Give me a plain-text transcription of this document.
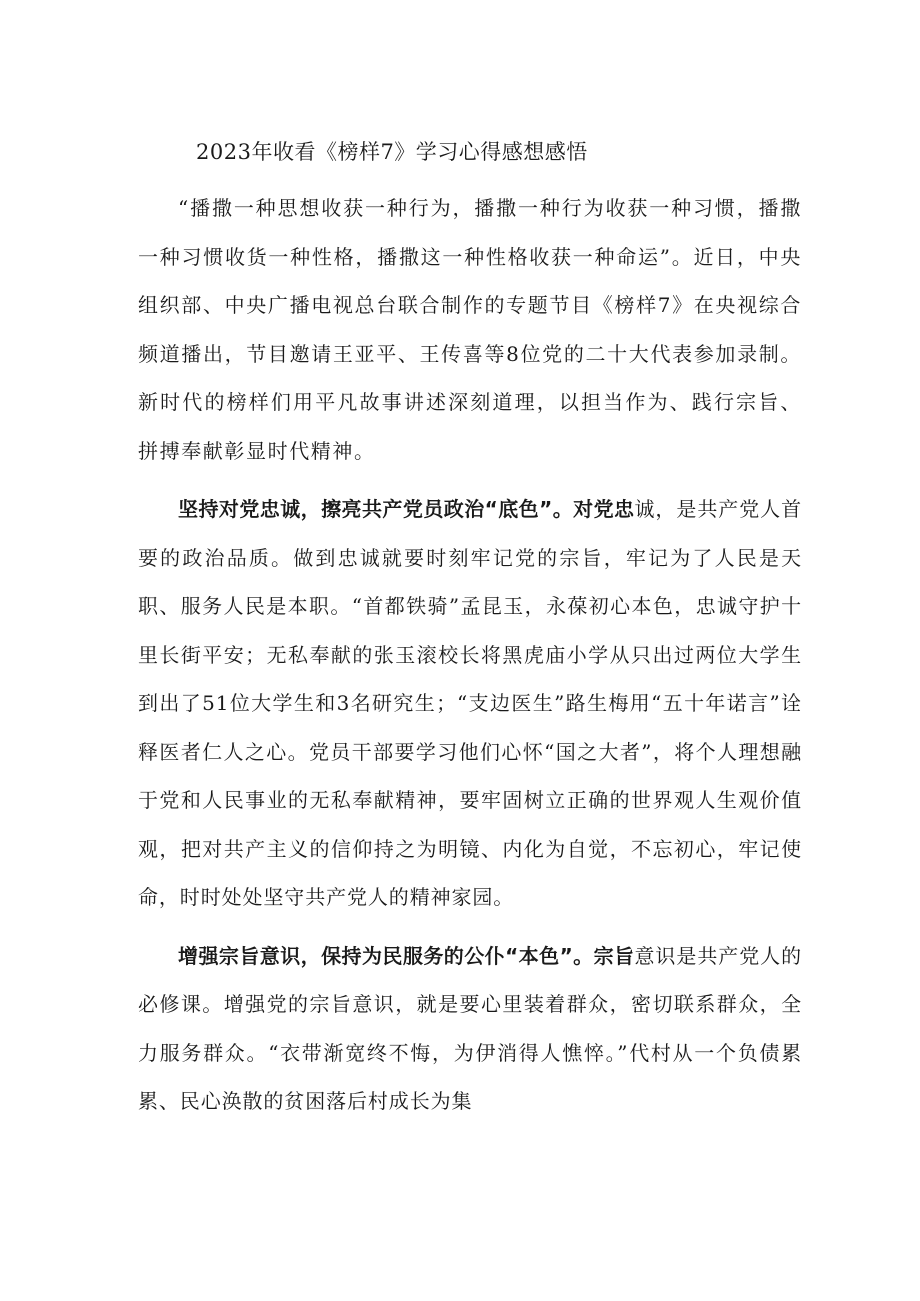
2023年收看《榜样7》学习心得感想感悟

“播撒一种思想收获一种行为，播撒一种行为收获一种习惯，播撒一种习惯收货一种性格，播撒这一种性格收获一种命运”。近日，中央组织部、中央广播电视总台联合制作的专题节目《榜样7》在央视综合频道播出，节目邀请王亚平、王传喜等8位党的二十大代表参加录制。新时代的榜样们用平凡故事讲述深刻道理，以担当作为、践行宗旨、拼搏奉献彰显时代精神。

坚持对党忠诚，擦亮共产党员政治“底色”。对党忠诚，是共产党人首要的政治品质。做到忠诚就要时刻牢记党的宗旨，牢记为了人民是天职、服务人民是本职。“首都铁骑”孟昆玉，永葆初心本色，忠诚守护十里长街平安；无私奉献的张玉滚校长将黑虎庙小学从只出过两位大学生到出了51位大学生和3名研究生；“支边医生”路生梅用“五十年诺言”诠释医者仁人之心。党员干部要学习他们心怀“国之大者”，将个人理想融于党和人民事业的无私奉献精神，要牢固树立正确的世界观人生观价值观，把对共产主义的信仰持之为明镜、内化为自觉，不忘初心，牢记使命，时时处处坚守共产党人的精神家园。

增强宗旨意识，保持为民服务的公仆“本色”。宗旨意识是共产党人的必修课。增强党的宗旨意识，就是要心里装着群众，密切联系群众，全力服务群众。“衣带渐宽终不悔，为伊消得人憔悴。”代村从一个负债累累、民心涣散的贫困落后村成长为集
